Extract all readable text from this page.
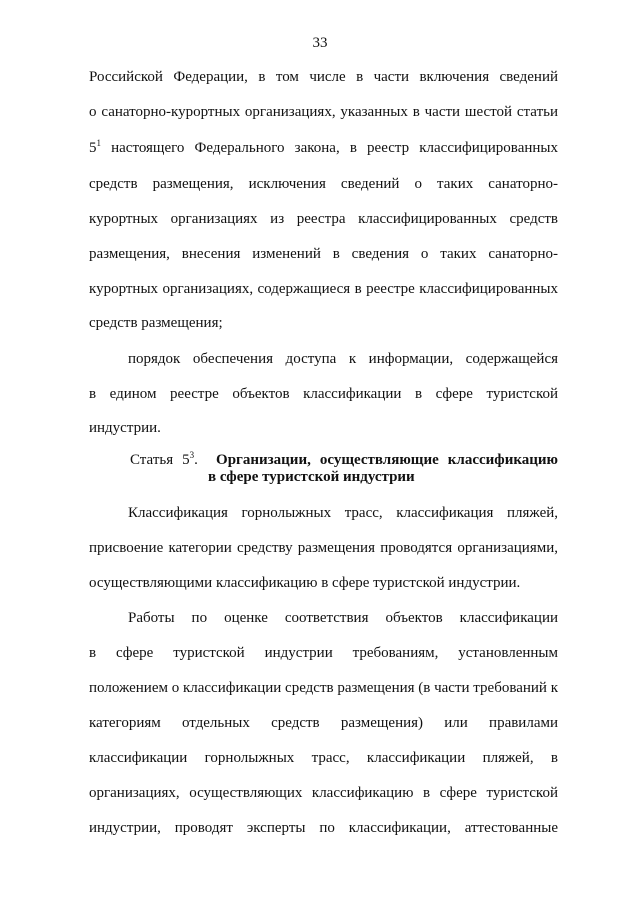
33
Российской Федерации, в том числе в части включения сведений
о санаторно-курортных организациях, указанных в части шестой статьи
$5^1$ настоящего Федерального закона, в реестр классифицированных
средств размещения, исключения сведений о таких санаторно-
курортных организациях из реестра классифицированных средств
размещения, внесения изменений в сведения о таких санаторно-
курортных организациях, содержащиеся в реестре классифицированных
средств размещения;
порядок обеспечения доступа к информации, содержащейся
в едином реестре объектов классификации в сфере туристской
индустрии.
Статья $5^3$. Организации, осуществляющие классификацию
в сфере туристской индустрии
Классификация горнолыжных трасс, классификация пляжей,
присвоение категории средству размещения проводятся организациями,
осуществляющими классификацию в сфере туристской индустрии.
Работы по оценке соответствия объектов классификации
в сфере туристской индустрии требованиям, установленным
положением о классификации средств размещения (в части требований к
категориям отдельных средств размещения) или правилами
классификации горнолыжных трасс, классификации пляжей, в
организациях, осуществляющих классификацию в сфере туристской
индустрии, проводят эксперты по классификации, аттестованные
